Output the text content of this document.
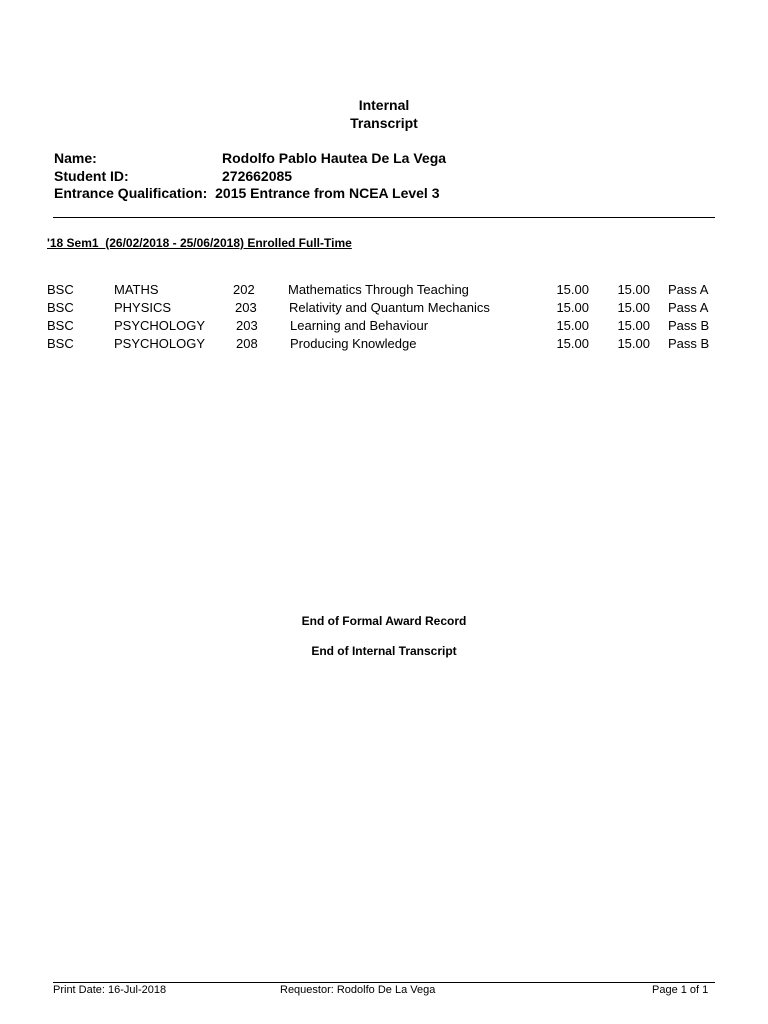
Internal
Transcript
Name:	Rodolfo Pablo Hautea De La Vega
Student ID:	272662085
Entrance Qualification: 2015 Entrance from NCEA Level 3
'18 Sem1  (26/02/2018 - 25/06/2018) Enrolled Full-Time
BSC	MATHS	202	Mathematics Through Teaching	15.00 15.00 Pass A
BSC	PHYSICS	203 Relativity and Quantum Mechanics	15.00 15.00 Pass A
BSC	PSYCHOLOGY 203 Learning and Behaviour	15.00 15.00 Pass B
BSC	PSYCHOLOGY 208 Producing Knowledge	15.00 15.00 Pass B
End of Formal Award Record
End of Internal Transcript
Print Date: 16-Jul-2018	Requestor: Rodolfo De La Vega	Page 1 of 1
